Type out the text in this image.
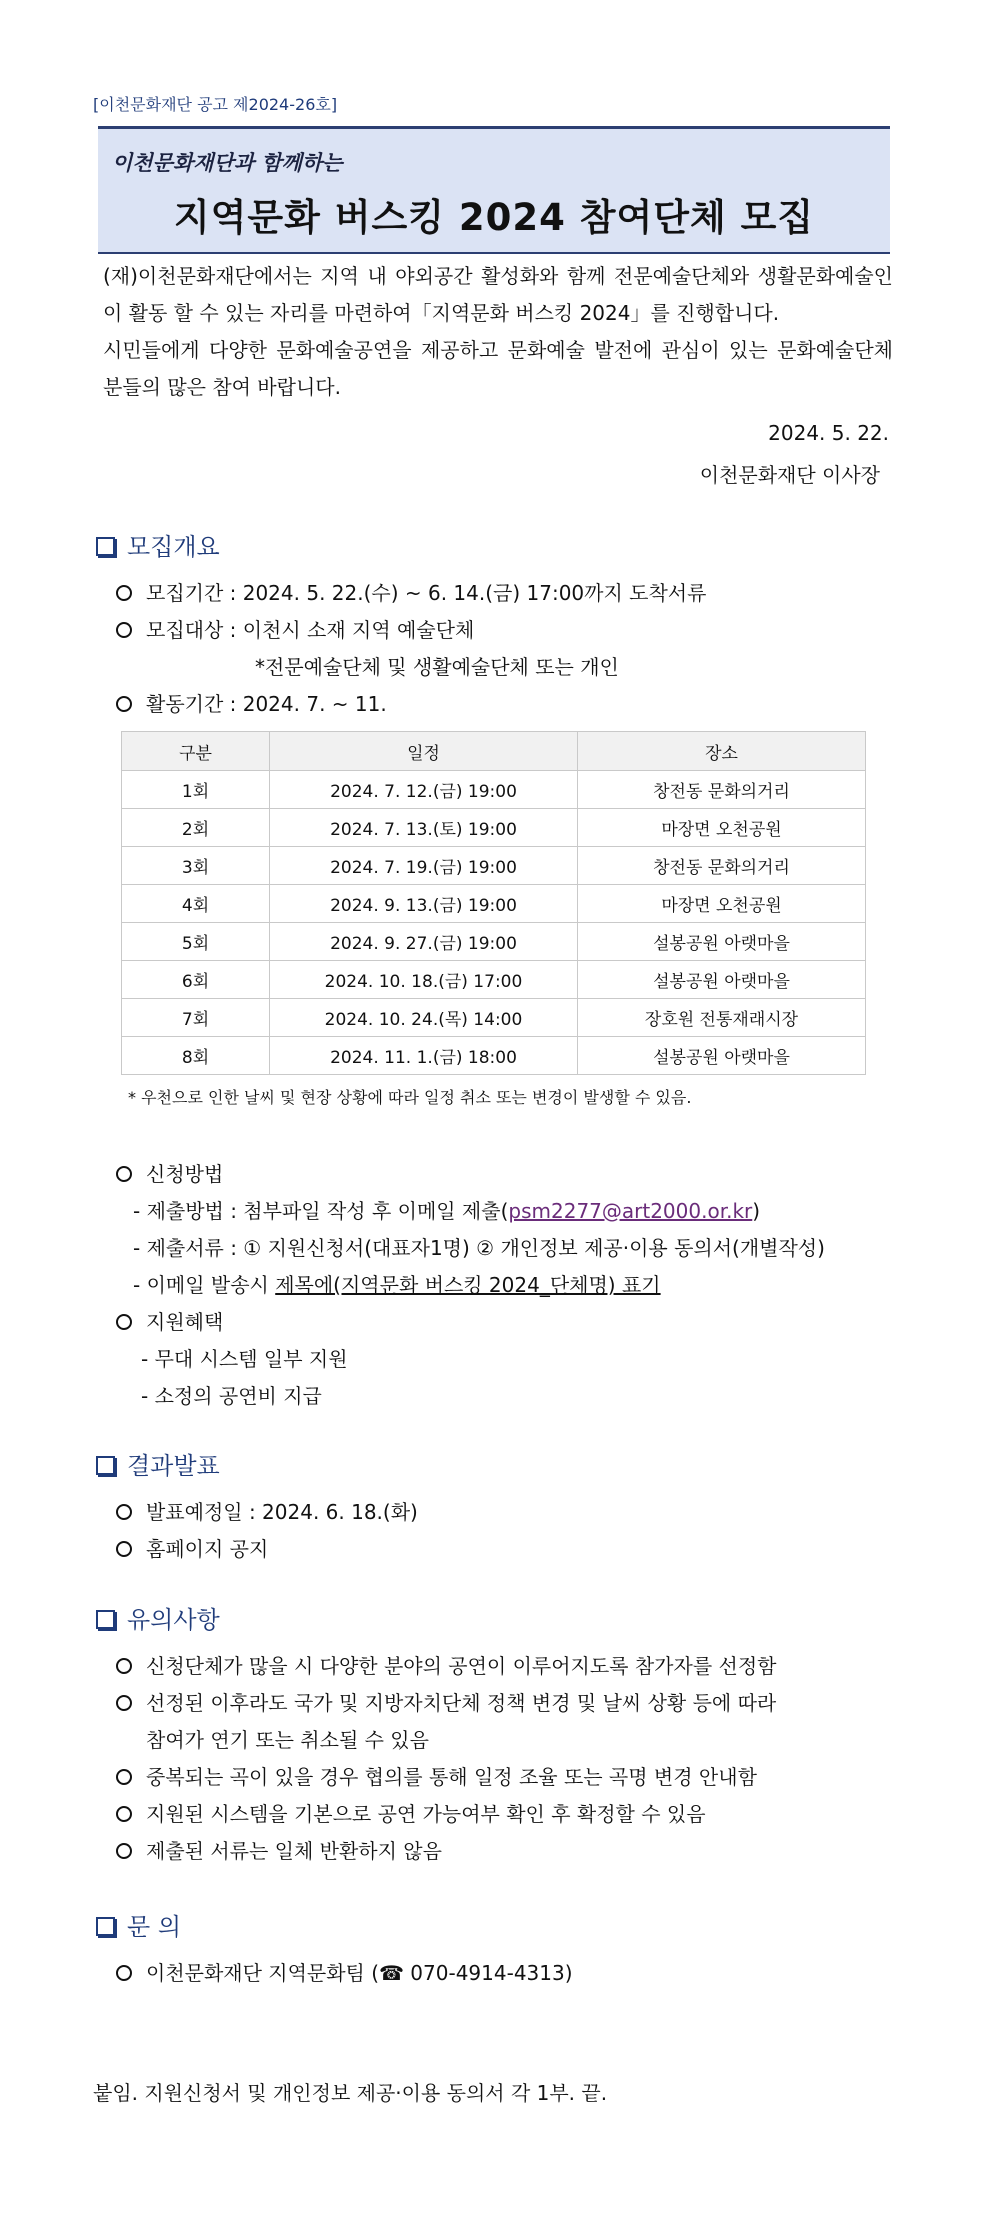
[이천문화재단 공고 제2024-26호]
이천문화재단과 함께하는
지역문화 버스킹 2024 참여단체 모집

(재)이천문화재단에서는 지역 내 야외공간 활성화와 함께 전문예술단체와 생활문화예술인이 활동 할 수 있는 자리를 마련하여「지역문화 버스킹 2024」를 진행합니다.

시민들에게 다양한 문화예술공연을 제공하고 문화예술 발전에 관심이 있는 문화예술단체 분들의 많은 참여 바랍니다.

2024. 5. 22.
이천문화재단 이사장
모집개요
모집기간 : 2024. 5. 22.(수) ~ 6. 14.(금) 17:00까지 도착서류
모집대상 : 이천시 소재 지역 예술단체
*전문예술단체 및 생활예술단체 또는 개인
활동기간 : 2024. 7. ~ 11.
구분	일정	장소
1회	2024. 7. 12.(금) 19:00	창전동 문화의거리
2회	2024. 7. 13.(토) 19:00	마장면 오천공원
3회	2024. 7. 19.(금) 19:00	창전동 문화의거리
4회	2024. 9. 13.(금) 19:00	마장면 오천공원
5회	2024. 9. 27.(금) 19:00	설봉공원 아랫마을
6회	2024. 10. 18.(금) 17:00	설봉공원 아랫마을
7회	2024. 10. 24.(목) 14:00	장호원 전통재래시장
8회	2024. 11. 1.(금) 18:00	설봉공원 아랫마을
* 우천으로 인한 날씨 및 현장 상황에 따라 일정 취소 또는 변경이 발생할 수 있음.
신청방법
- 제출방법 : 첨부파일 작성 후 이메일 제출(psm2277@art2000.or.kr)
- 제출서류 : ① 지원신청서(대표자1명) ② 개인정보 제공·이용 동의서(개별작성)
- 이메일 발송시 제목에(지역문화 버스킹 2024_단체명) 표기
지원혜택
- 무대 시스템 일부 지원
- 소정의 공연비 지급
결과발표
발표예정일 : 2024. 6. 18.(화)
홈페이지 공지
유의사항
신청단체가 많을 시 다양한 분야의 공연이 이루어지도록 참가자를 선정함
선정된 이후라도 국가 및 지방자치단체 정책 변경 및 날씨 상황 등에 따라
참여가 연기 또는 취소될 수 있음
중복되는 곡이 있을 경우 협의를 통해 일정 조율 또는 곡명 변경 안내함
지원된 시스템을 기본으로 공연 가능여부 확인 후 확정할 수 있음
제출된 서류는 일체 반환하지 않음
문 의
이천문화재단 지역문화팀 (☎ 070-4914-4313)
붙임. 지원신청서 및 개인정보 제공·이용 동의서 각 1부. 끝.
